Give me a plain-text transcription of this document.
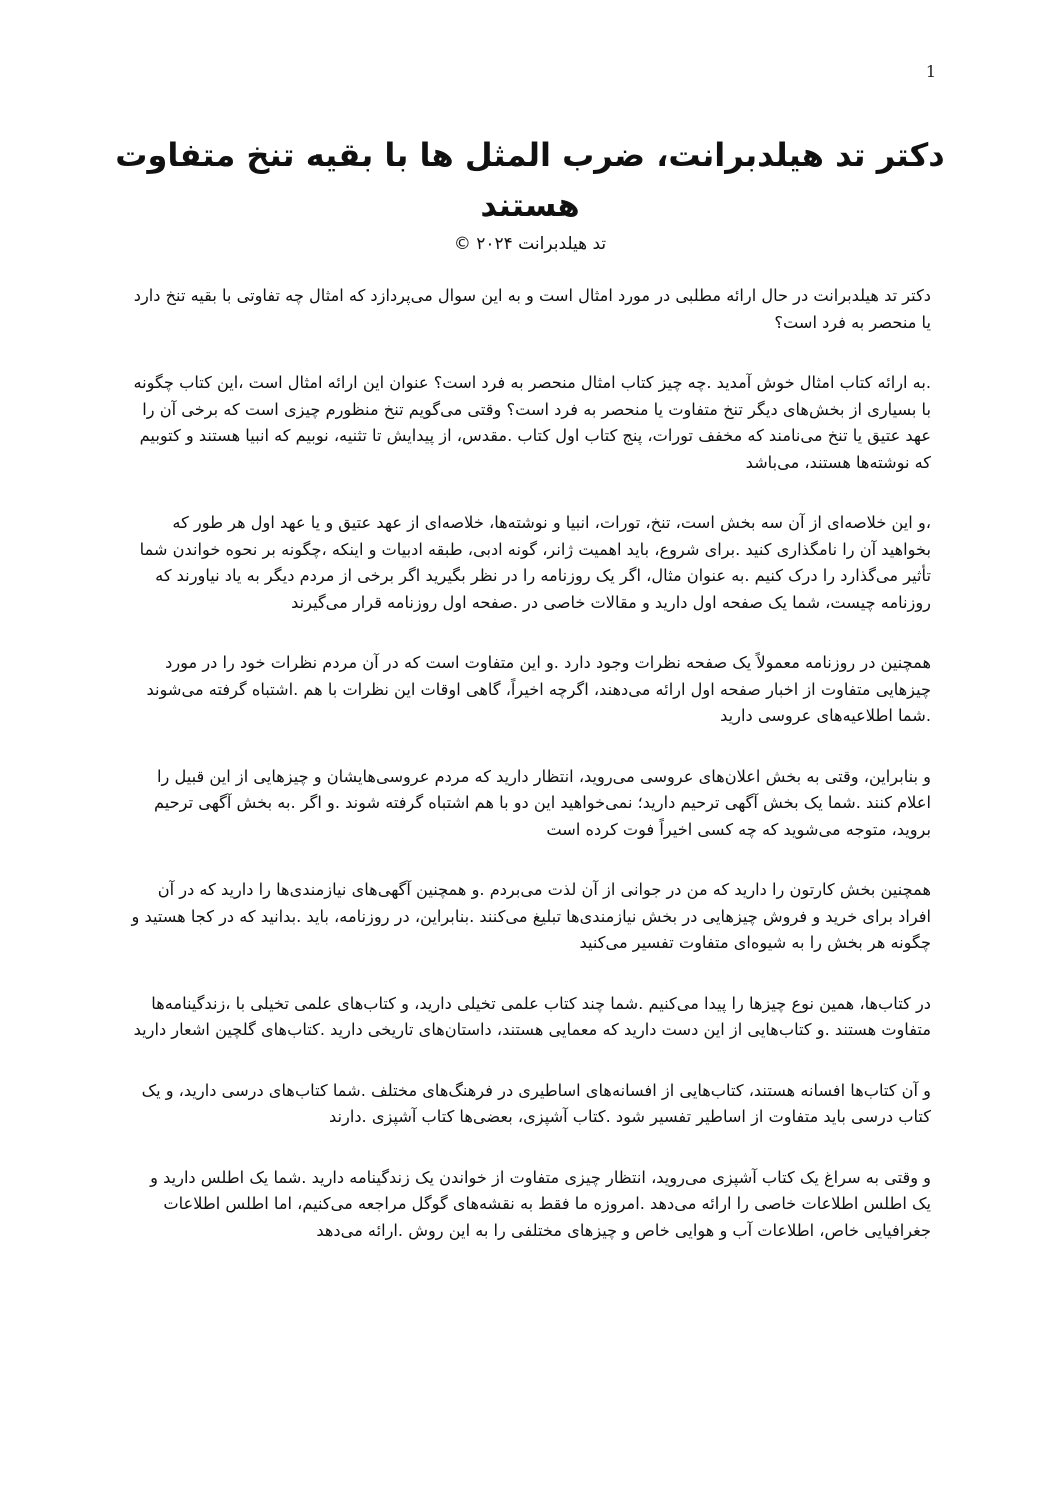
1
دکتر تد هیلدبرانت، ضرب المثل ها با بقیه تنخ متفاوت هستند
تد هیلدبرانت ۲۰۲۴ ©

دکتر تد هیلدبرانت در حال ارائه مطلبی در مورد امثال است و به این سوال می‌پردازد که امثال چه تفاوتی با بقیه تنخ دارد یا منحصر به فرد است؟

.به ارائه کتاب امثال خوش آمدید .چه چیز کتاب امثال منحصر به فرد است؟ عنوان این ارائه امثال است ،این کتاب چگونه با بسیاری از بخش‌های دیگر تنخ متفاوت یا منحصر به فرد است؟ وقتی می‌گویم تنخ منظورم چیزی است که برخی آن را عهد عتیق یا تنخ می‌نامند که مخفف تورات، پنج کتاب اول کتاب .مقدس، از پیدایش تا تثنیه، نوبیم که انبیا هستند و کتوبیم که نوشته‌ها هستند، می‌باشد

،و این خلاصه‌ای از آن سه بخش است، تنخ، تورات، انبیا و نوشته‌ها، خلاصه‌ای از عهد عتیق و یا عهد اول هر طور که بخواهید آن را نامگذاری کنید .برای شروع، باید اهمیت ژانر، گونه ادبی، طبقه ادبیات و اینکه ،چگونه بر نحوه خواندن شما تأثیر می‌گذارد را درک کنیم .به عنوان مثال، اگر یک روزنامه را در نظر بگیرید اگر برخی از مردم دیگر به یاد نیاورند که روزنامه چیست، شما یک صفحه اول دارید و مقالات خاصی در .صفحه اول روزنامه قرار می‌گیرند

همچنین در روزنامه معمولاً یک صفحه نظرات وجود دارد .و این متفاوت است که در آن مردم نظرات خود را در مورد چیزهایی متفاوت از اخبار صفحه اول ارائه می‌دهند، اگرچه اخیراً، گاهی اوقات این نظرات با هم .اشتباه گرفته می‌شوند .شما اطلاعیه‌های عروسی دارید

و بنابراین، وقتی به بخش اعلان‌های عروسی می‌روید، انتظار دارید که مردم عروسی‌هایشان و چیزهایی از این قبیل را اعلام کنند .شما یک بخش آگهی ترحیم دارید؛ نمی‌خواهید این دو با هم اشتباه گرفته شوند .و اگر .به بخش آگهی ترحیم بروید، متوجه می‌شوید که چه کسی اخیراً فوت کرده است

همچنین بخش کارتون را دارید که من در جوانی از آن لذت می‌بردم .و همچنین آگهی‌های نیازمندی‌ها را دارید که در آن افراد برای خرید و فروش چیزهایی در بخش نیازمندی‌ها تبلیغ می‌کنند .بنابراین، در روزنامه، باید .بدانید که در کجا هستید و چگونه هر بخش را به شیوه‌ای متفاوت تفسیر می‌کنید

در کتاب‌ها، همین نوع چیزها را پیدا می‌کنیم .شما چند کتاب علمی تخیلی دارید، و کتاب‌های علمی تخیلی با ،زندگینامه‌ها متفاوت هستند .و کتاب‌هایی از این دست دارید که معمایی هستند، داستان‌های تاریخی دارید .کتاب‌های گلچین اشعار دارید

و آن کتاب‌ها افسانه هستند، کتاب‌هایی از افسانه‌های اساطیری در فرهنگ‌های مختلف .شما کتاب‌های درسی دارید، و یک کتاب درسی باید متفاوت از اساطیر تفسیر شود .کتاب آشپزی، بعضی‌ها کتاب آشپزی .دارند

و وقتی به سراغ یک کتاب آشپزی می‌روید، انتظار چیزی متفاوت از خواندن یک زندگینامه دارید .شما یک اطلس دارید و یک اطلس اطلاعات خاصی را ارائه می‌دهد .امروزه ما فقط به نقشه‌های گوگل مراجعه می‌کنیم، اما اطلس اطلاعات جغرافیایی خاص، اطلاعات آب و هوایی خاص و چیزهای مختلفی را به این روش .ارائه می‌دهد
